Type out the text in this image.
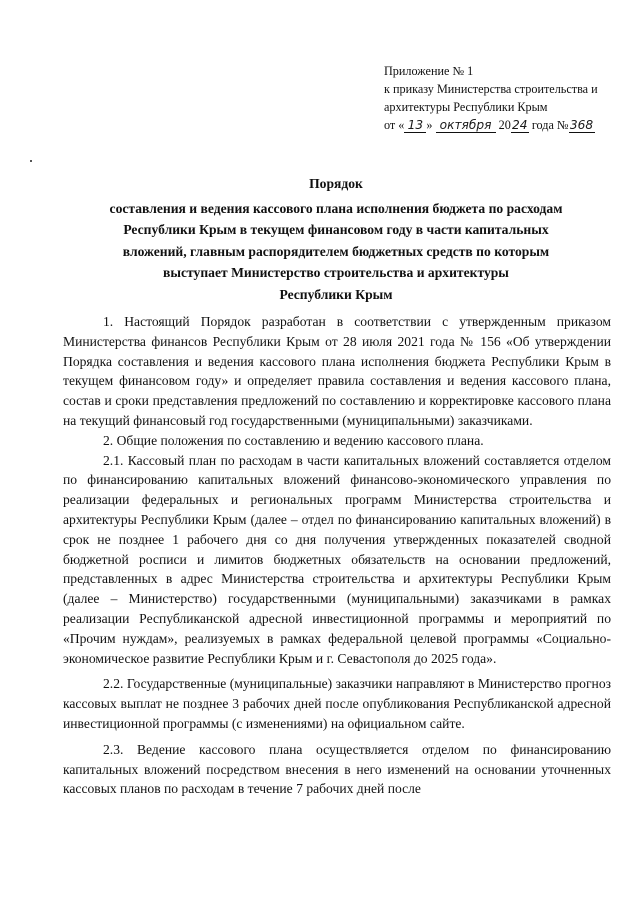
Приложение № 1
к приказу Министерства строительства и
архитектуры Республики Крым
от « 13 » октября 2024 года №368
Порядок
составления и ведения кассового плана исполнения бюджета по расходам
Республики Крым в текущем финансовом году в части капитальных
вложений, главным распорядителем бюджетных средств по которым
выступает Министерство строительства и архитектуры
Республики Крым

1. Настоящий Порядок разработан в соответствии с утвержденным приказом Министерства финансов Республики Крым от 28 июля 2021 года № 156 «Об утверждении Порядка составления и ведения кассового плана исполнения бюджета Республики Крым в текущем финансовом году» и определяет правила составления и ведения кассового плана, состав и сроки представления предложений по составлению и корректировке кассового плана на текущий финансовый год государственными (муниципальными) заказчиками.

2. Общие положения по составлению и ведению кассового плана.

2.1. Кассовый план по расходам в части капитальных вложений составляется отделом по финансированию капитальных вложений финансово-экономического управления по реализации федеральных и региональных программ Министерства строительства и архитектуры Республики Крым (далее – отдел по финансированию капитальных вложений) в срок не позднее 1 рабочего дня со дня получения утвержденных показателей сводной бюджетной росписи и лимитов бюджетных обязательств на основании предложений, представленных в адрес Министерства строительства и архитектуры Республики Крым (далее – Министерство) государственными (муниципальными) заказчиками в рамках реализации Республиканской адресной инвестиционной программы и мероприятий по «Прочим нуждам», реализуемых в рамках федеральной целевой программы «Социально-экономическое развитие Республики Крым и г. Севастополя до 2025 года».

2.2. Государственные (муниципальные) заказчики направляют в Министерство прогноз кассовых выплат не позднее 3 рабочих дней после опубликования Республиканской адресной инвестиционной программы (с изменениями) на официальном сайте.

2.3. Ведение кассового плана осуществляется отделом по финансированию капитальных вложений посредством внесения в него изменений на основании уточненных кассовых планов по расходам в течение 7 рабочих дней после
